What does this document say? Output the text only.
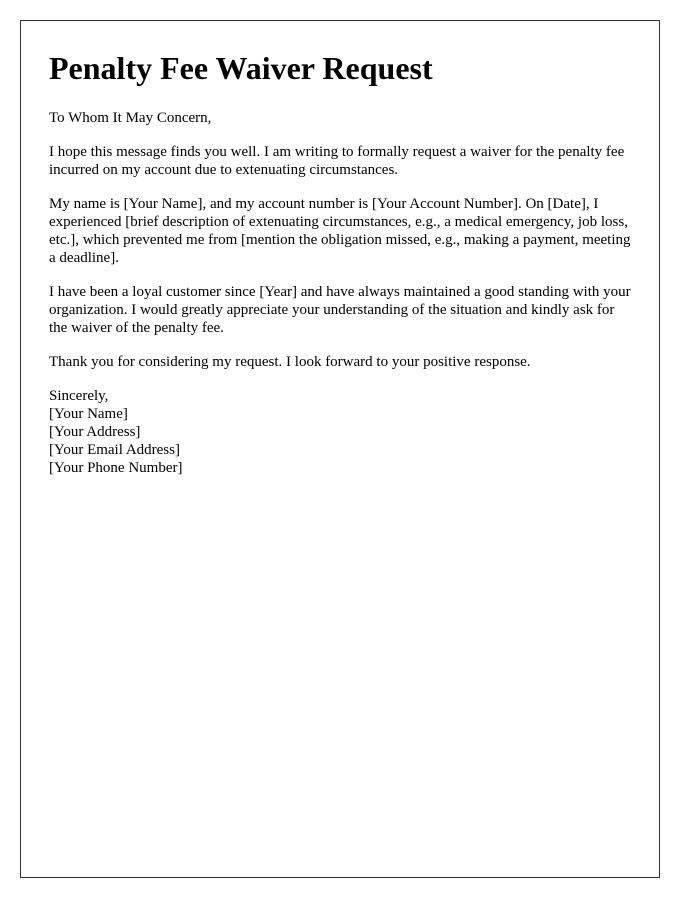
Penalty Fee Waiver Request

To Whom It May Concern,

I hope this message finds you well. I am writing to formally request a waiver for the penalty fee incurred on my account due to extenuating circumstances.

My name is [Your Name], and my account number is [Your Account Number]. On [Date], I experienced [brief description of extenuating circumstances, e.g., a medical emergency, job loss, etc.], which prevented me from [mention the obligation missed, e.g., making a payment, meeting a deadline].

I have been a loyal customer since [Year] and have always maintained a good standing with your organization. I would greatly appreciate your understanding of the situation and kindly ask for the waiver of the penalty fee.

Thank you for considering my request. I look forward to your positive response.

Sincerely,
[Your Name]
[Your Address]
[Your Email Address]
[Your Phone Number]
